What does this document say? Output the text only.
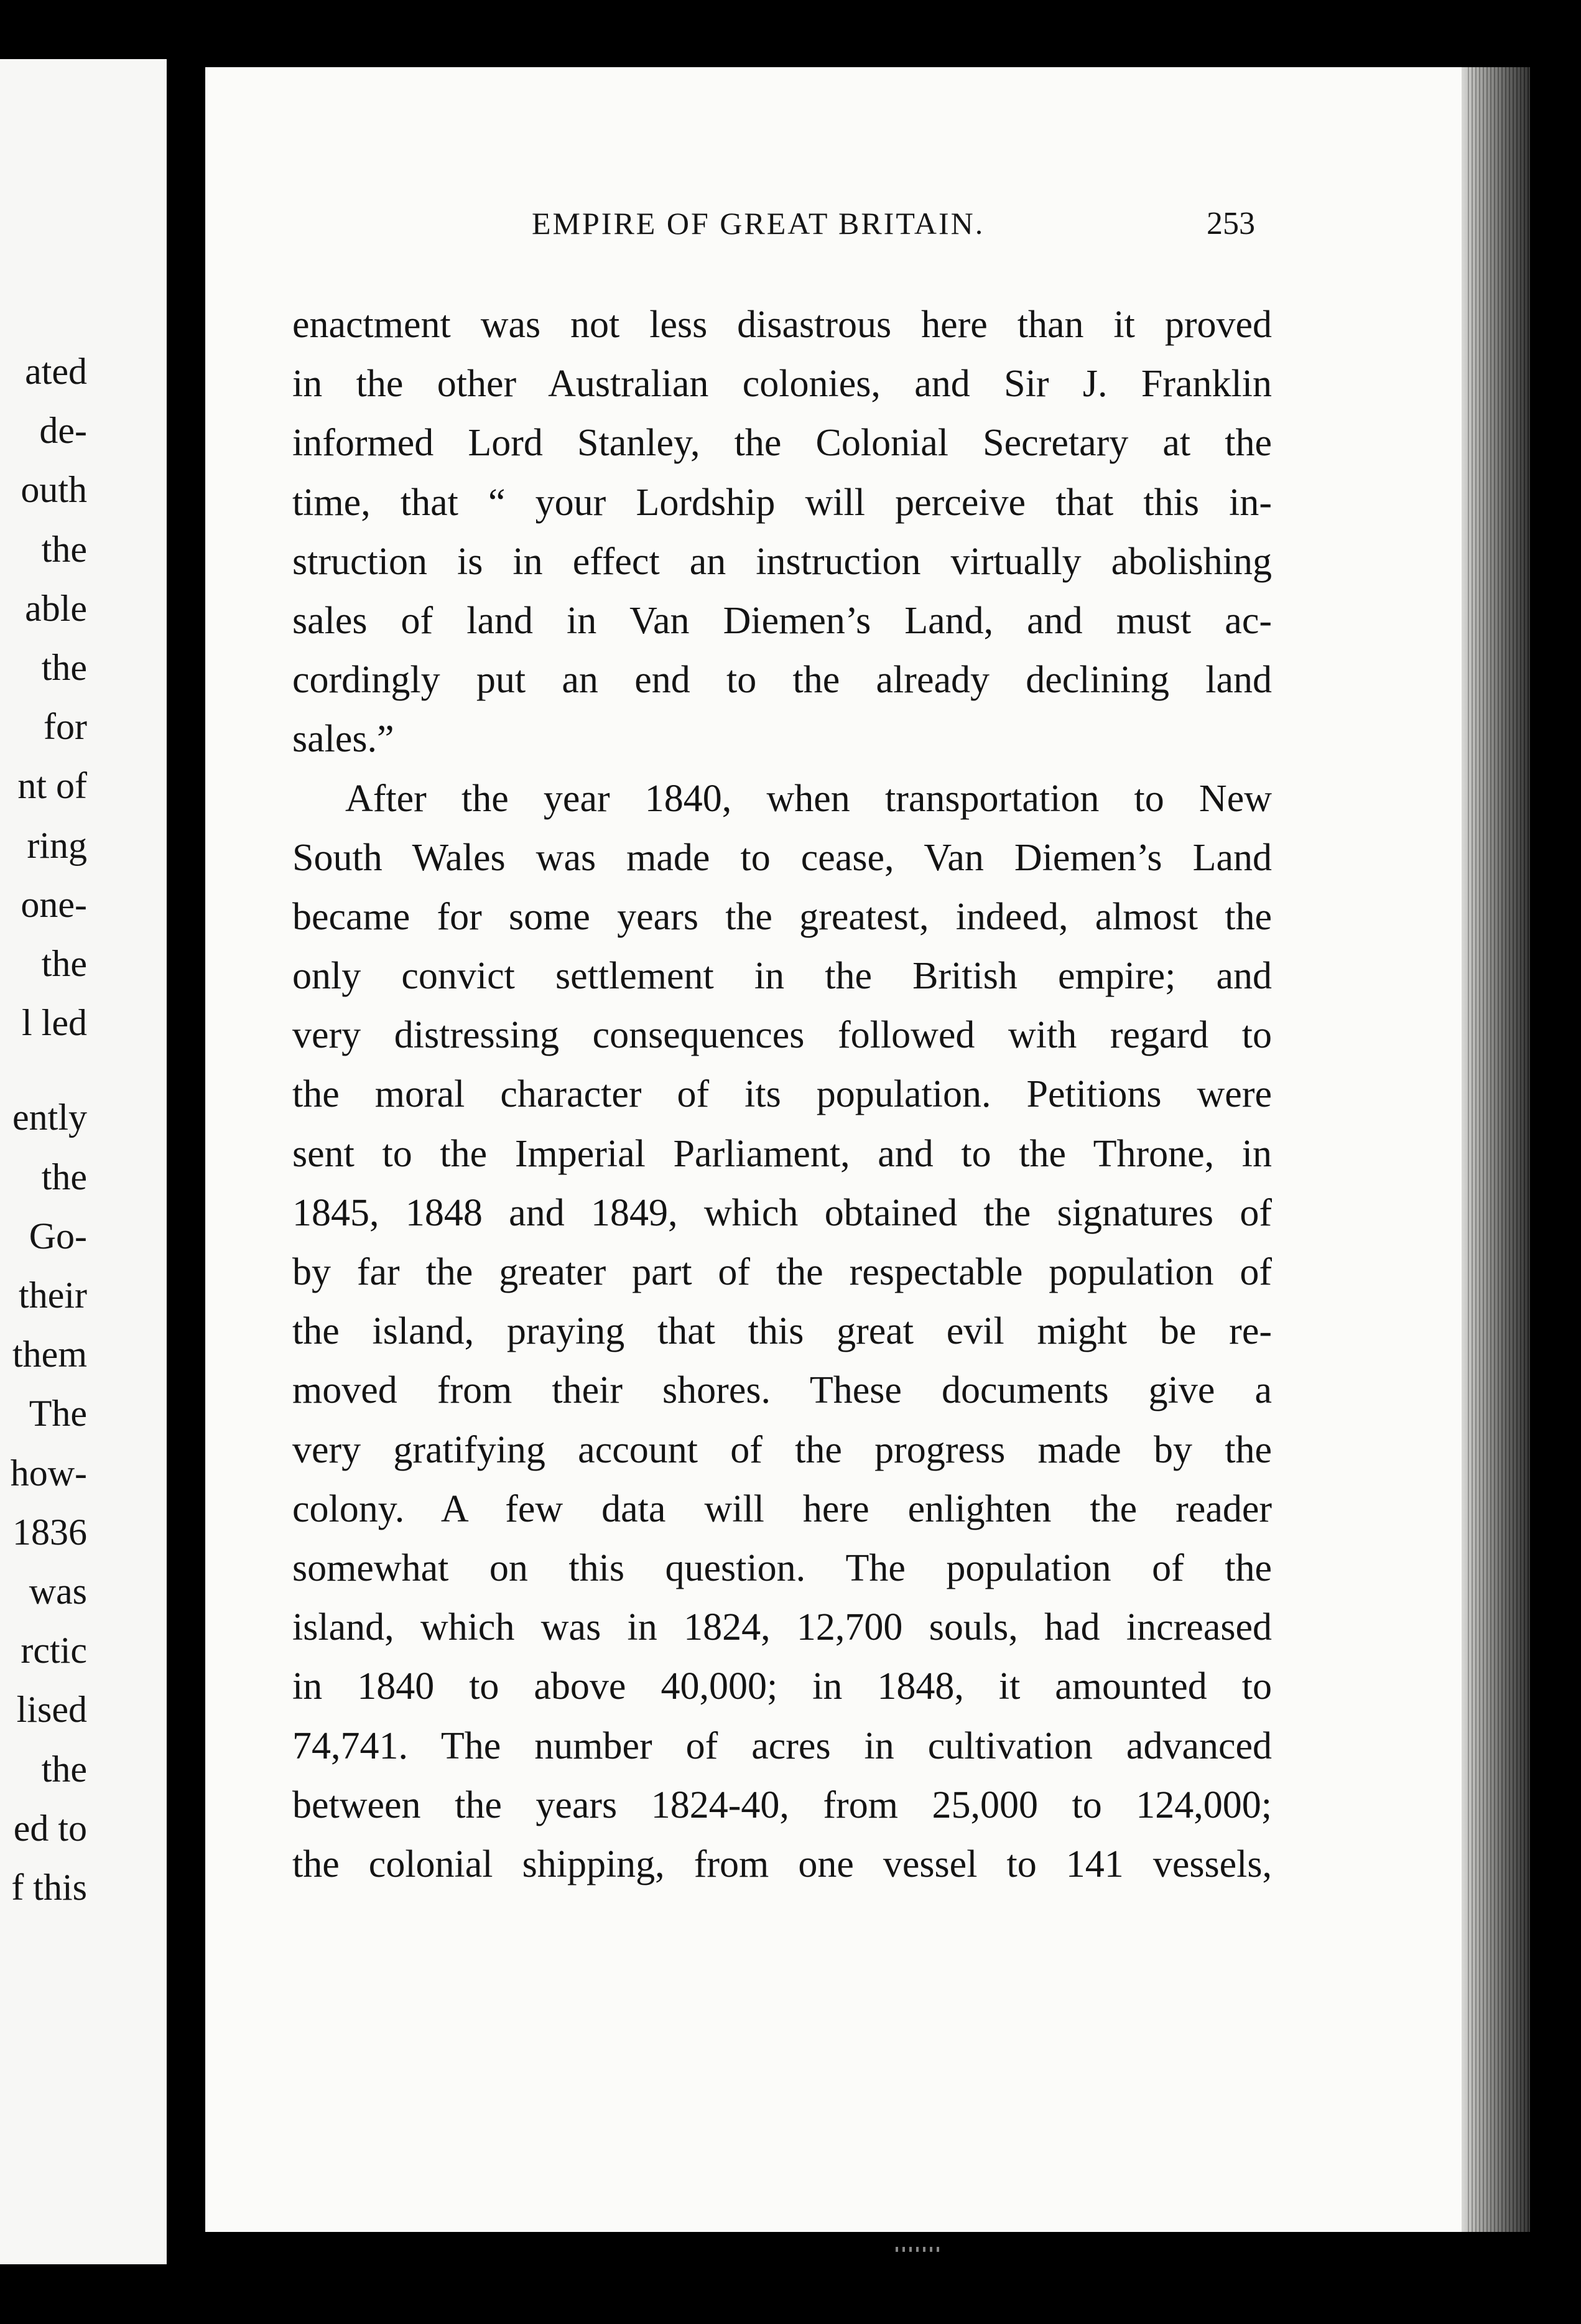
ated
de-
outh
the
able
the
for
nt of
ring
one-
the
l led
ently
the
Go-
their
them
The
how-
1836
was
rctic
lised
the
ed to
f this
EMPIRE OF GREAT BRITAIN.	253
enactment was not less disastrous here than it proved
in the other Australian colonies, and Sir J. Franklin
informed Lord Stanley, the Colonial Secretary at the
time, that “ your Lordship will perceive that this in-
struction is in effect an instruction virtually abolishing
sales of land in Van Diemen’s Land, and must ac-
cordingly put an end to the already declining land
sales.”
After the year 1840, when transportation to New
South Wales was made to cease, Van Diemen’s Land
became for some years the greatest, indeed, almost the
only convict settlement in the British empire; and
very distressing consequences followed with regard to
the moral character of its population. Petitions were
sent to the Imperial Parliament, and to the Throne, in
1845, 1848 and 1849, which obtained the signatures of
by far the greater part of the respectable population of
the island, praying that this great evil might be re-
moved from their shores. These documents give a
very gratifying account of the progress made by the
colony. A few data will here enlighten the reader
somewhat on this question. The population of the
island, which was in 1824, 12,700 souls, had increased
in 1840 to above 40,000; in 1848, it amounted to
74,741. The number of acres in cultivation advanced
between the years 1824-40, from 25,000 to 124,000;
the colonial shipping, from one vessel to 141 vessels,
